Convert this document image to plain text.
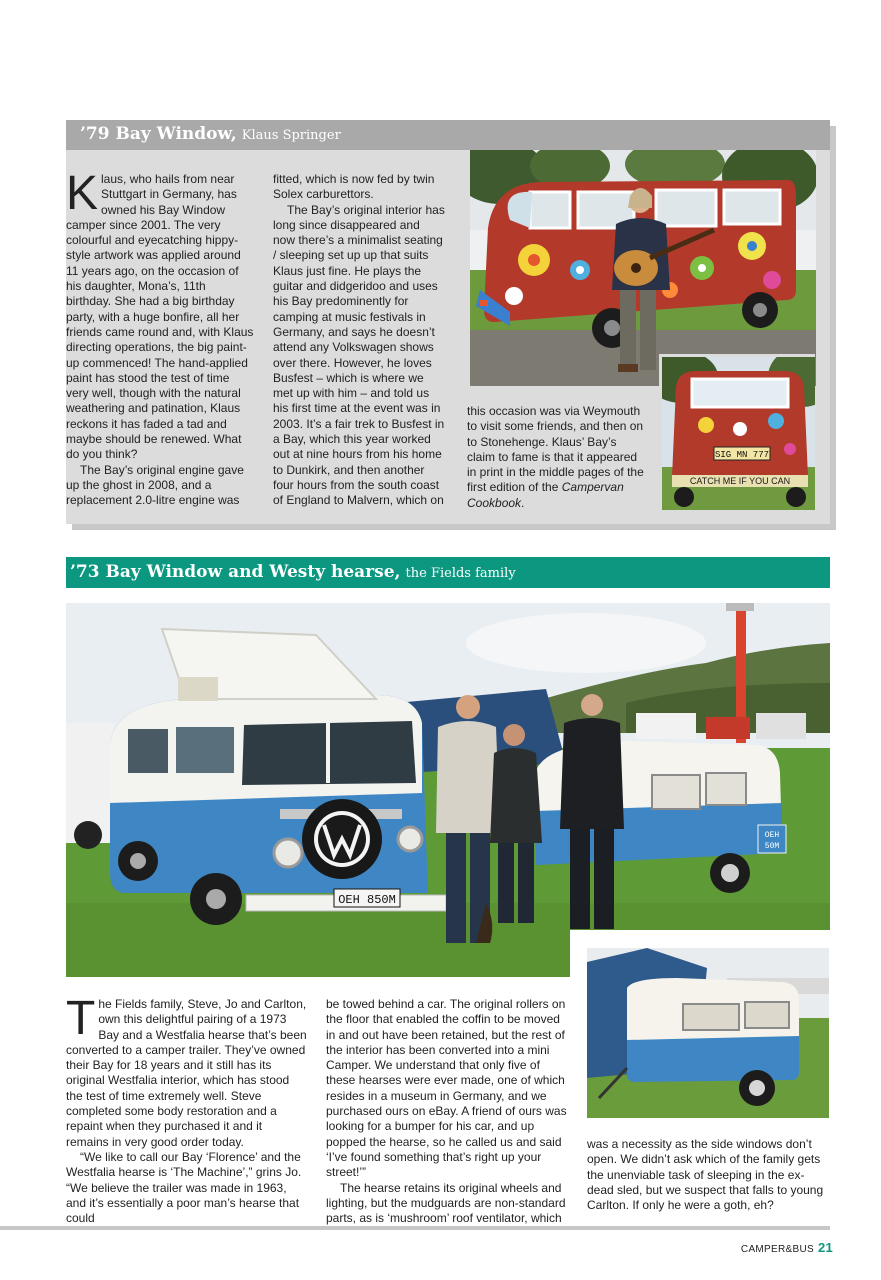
’79 Bay Window, Klaus Springer

Klaus, who hails from near Stuttgart in Germany, has owned his Bay Window camper since 2001. The very colourful and eyecatching hippy-style artwork was applied around 11 years ago, on the occasion of his daughter, Mona’s, 11th birthday. She had a big birthday party, with a huge bonfire, all her friends came round and, with Klaus directing operations, the big paint-up commenced! The hand-applied paint has stood the test of time very well, though with the natural weathering and patination, Klaus reckons it has faded a tad and maybe should be renewed. What do you think?

The Bay’s original engine gave up the ghost in 2008, and a replacement 2.0-litre engine was

fitted, which is now fed by twin Solex carburettors.

The Bay’s original interior has long since disappeared and now there’s a minimalist seating / sleeping set up up that suits Klaus just fine. He plays the guitar and didgeridoo and uses his Bay predominently for camping at music festivals in Germany, and says he doesn’t attend any Volkswagen shows over there. However, he loves Busfest – which is where we met up with him – and told us his first time at the event was in 2003. It’s a fair trek to Busfest in a Bay, which this year worked out at nine hours from his home to Dunkirk, and then another four hours from the south coast of England to Malvern, which on

this occasion was via Weymouth to visit some friends, and then on to Stonehenge. Klaus’ Bay’s claim to fame is that it appeared in print in the middle pages of the first edition of the Campervan Cookbook.

SIG MN 777
CATCH ME IF YOU CAN
’73 Bay Window and Westy hearse, the Fields family
OEH 850M
OEH
50M

The Fields family, Steve, Jo and Carlton, own this delightful pairing of a 1973 Bay and a Westfalia hearse that’s been converted to a camper trailer. They’ve owned their Bay for 18 years and it still has its original Westfalia interior, which has stood the test of time extremely well. Steve completed some body restoration and a repaint when they purchased it and it remains in very good order today.

“We like to call our Bay ‘Florence’ and the Westfalia hearse is ‘The Machine’,” grins Jo. “We believe the trailer was made in 1963, and it’s essentially a poor man’s hearse that could

be towed behind a car. The original rollers on the floor that enabled the coffin to be moved in and out have been retained, but the rest of the interior has been converted into a mini Camper. We understand that only five of these hearses were ever made, one of which resides in a museum in Germany, and we purchased ours on eBay. A friend of ours was looking for a bumper for his car, and up popped the hearse, so he called us and said ‘I’ve found something that’s right up your street!’”

The hearse retains its original wheels and lighting, but the mudguards are non-standard parts, as is ‘mushroom’ roof ventilator, which

was a necessity as the side windows don’t open. We didn’t ask which of the family gets the unenviable task of sleeping in the ex-dead sled, but we suspect that falls to young Carlton. If only he were a goth, eh?

CAMPER&BUS 21
